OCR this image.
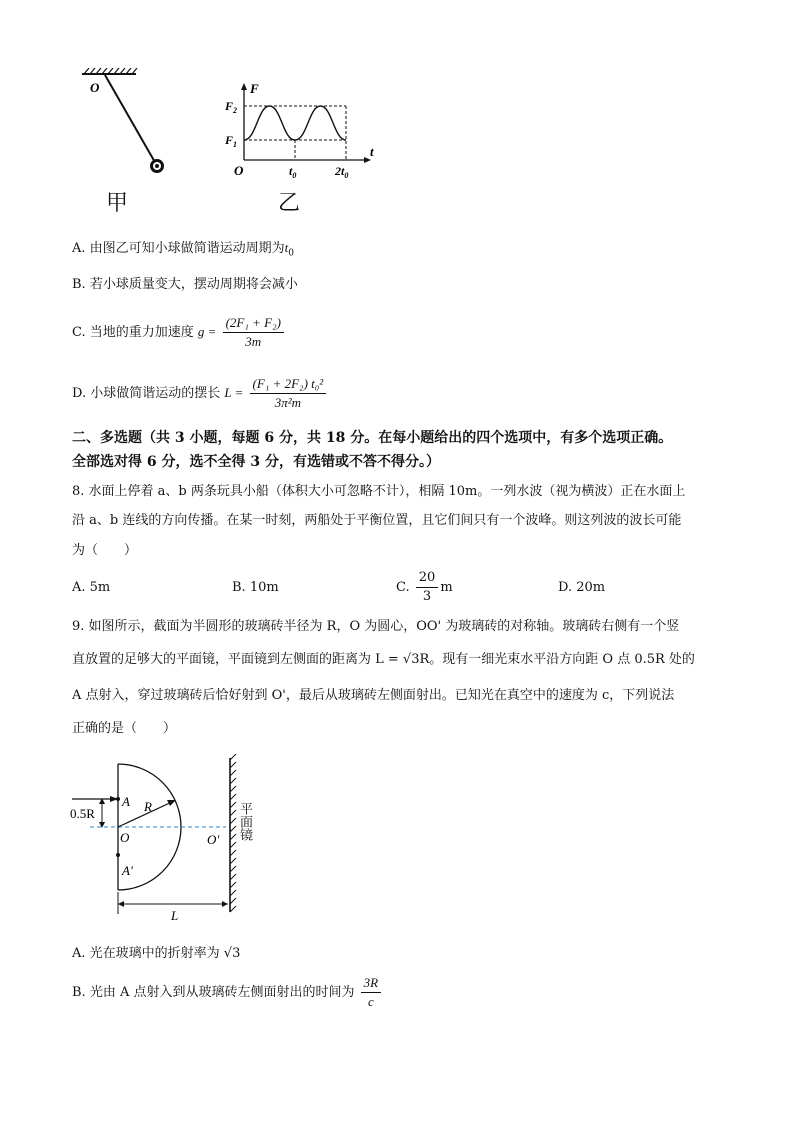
O
甲
F
t
O
$F_2$
$F_1$
$t_0$	$2t_0$
乙
A. 由图乙可知小球做简谐运动周期为$t_0$
B. 若小球质量变大，摆动周期将会减小
C. 当地的重力加速度 $g = \frac{\text{(2F₁ + F₂)}}{3m}$
D. 小球做简谐运动的摆长 $L = \frac{\text{(F₁ + 2F₂) t₀²}}{\text{3π²m}}$
二、多选题（共 3 小题，每题 6 分，共 18 分。在每小题给出的四个选项中，有多个选项正确。
全部选对得 6 分，选不全得 3 分，有选错或不答不得分。）
8. 水面上停着 a、b 两条玩具小船（体积大小可忽略不计），相隔 10m。一列水波（视为横波）正在水面上
沿 a、b 连线的方向传播。在某一时刻，两船处于平衡位置，且它们间只有一个波峰。则这列波的波长可能
为（　　）
A. 5m	B. 10m	C. $\frac{20}{3}$ m	D. 20m
9. 如图所示，截面为半圆形的玻璃砖半径为 R，O 为圆心，OO' 为玻璃砖的对称轴。玻璃砖右侧有一个竖
直放置的足够大的平面镜，平面镜到左侧面的距离为 L = √3R。现有一细光束水平沿方向距 O 点 0.5R 处的
A 点射入，穿过玻璃砖后恰好射到 O'，最后从玻璃砖左侧面射出。已知光在真空中的速度为 c，下列说法
正确的是（　　）
0.5R
A R
O
A'
O'
L
平面镜
A. 光在玻璃中的折射率为 √3
B. 光由 A 点射入到从玻璃砖左侧面射出的时间为 $\frac{3R}{c}$
